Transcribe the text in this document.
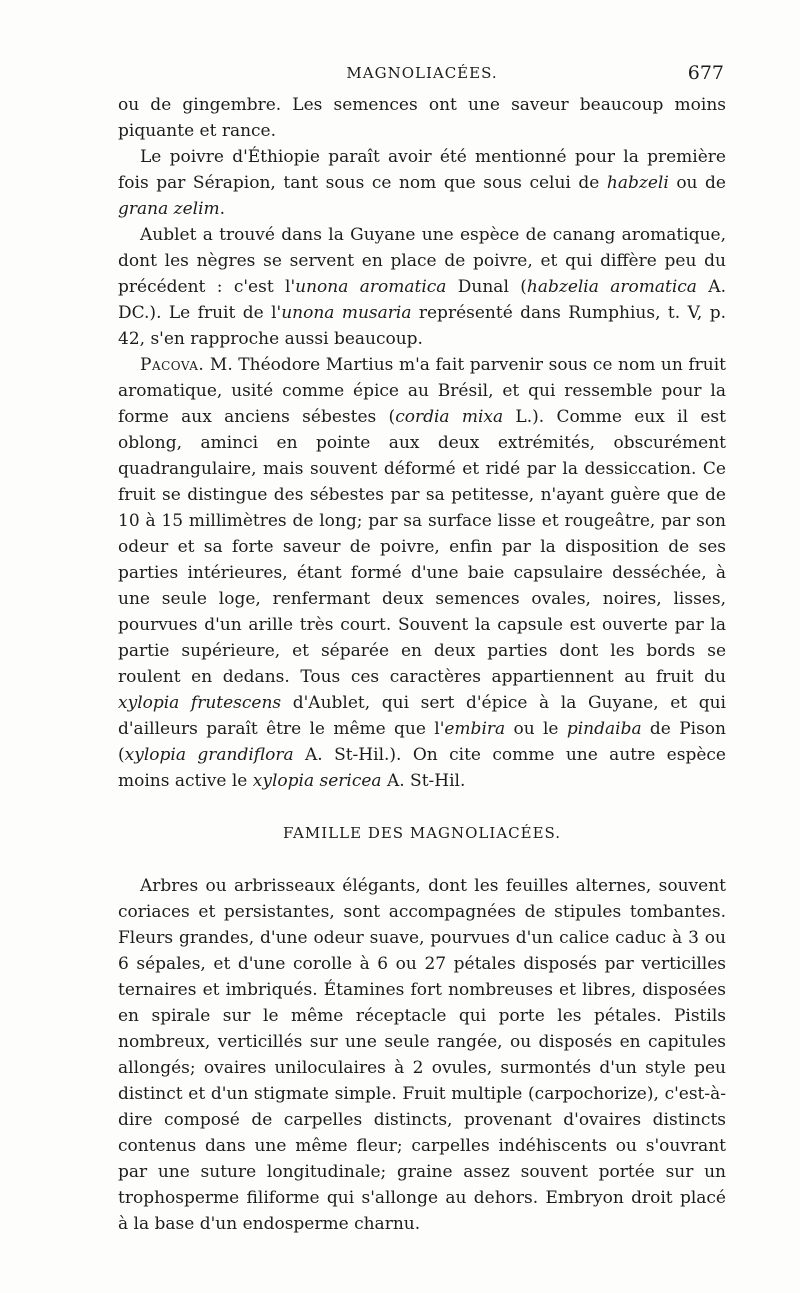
MAGNOLIACÉES.	677

ou de gingembre. Les semences ont une saveur beaucoup moins piquante et rance.

Le poivre d'Éthiopie paraît avoir été mentionné pour la première fois par Sérapion, tant sous ce nom que sous celui de habzeli ou de grana zelim.

Aublet a trouvé dans la Guyane une espèce de canang aromatique, dont les nègres se servent en place de poivre, et qui diffère peu du précédent : c'est l'unona aromatica Dunal (habzelia aromatica A. DC.). Le fruit de l'unona musaria représenté dans Rumphius, t. V, p. 42, s'en rapproche aussi beaucoup.

Pacova. M. Théodore Martius m'a fait parvenir sous ce nom un fruit aromatique, usité comme épice au Brésil, et qui ressemble pour la forme aux anciens sébestes (cordia mixa L.). Comme eux il est oblong, aminci en pointe aux deux extrémités, obscurément quadrangulaire, mais souvent déformé et ridé par la dessiccation. Ce fruit se distingue des sébestes par sa petitesse, n'ayant guère que de 10 à 15 millimètres de long; par sa surface lisse et rougeâtre, par son odeur et sa forte saveur de poivre, enfin par la disposition de ses parties intérieures, étant formé d'une baie capsulaire desséchée, à une seule loge, renfermant deux semences ovales, noires, lisses, pourvues d'un arille très court. Souvent la capsule est ouverte par la partie supérieure, et séparée en deux parties dont les bords se roulent en dedans. Tous ces caractères appartiennent au fruit du xylopia frutescens d'Aublet, qui sert d'épice à la Guyane, et qui d'ailleurs paraît être le même que l'embira ou le pindaiba de Pison (xylopia grandiflora A. St-Hil.). On cite comme une autre espèce moins active le xylopia sericea A. St-Hil.

FAMILLE DES MAGNOLIACÉES.

Arbres ou arbrisseaux élégants, dont les feuilles alternes, souvent coriaces et persistantes, sont accompagnées de stipules tombantes. Fleurs grandes, d'une odeur suave, pourvues d'un calice caduc à 3 ou 6 sépales, et d'une corolle à 6 ou 27 pétales disposés par verticilles ternaires et imbriqués. Étamines fort nombreuses et libres, disposées en spirale sur le même réceptacle qui porte les pétales. Pistils nombreux, verticillés sur une seule rangée, ou disposés en capitules allongés; ovaires uniloculaires à 2 ovules, surmontés d'un style peu distinct et d'un stigmate simple. Fruit multiple (carpochorize), c'est-à-dire composé de carpelles distincts, provenant d'ovaires distincts contenus dans une même fleur; carpelles indéhiscents ou s'ouvrant par une suture longitudinale; graine assez souvent portée sur un trophosperme filiforme qui s'allonge au dehors. Embryon droit placé à la base d'un endosperme charnu.
